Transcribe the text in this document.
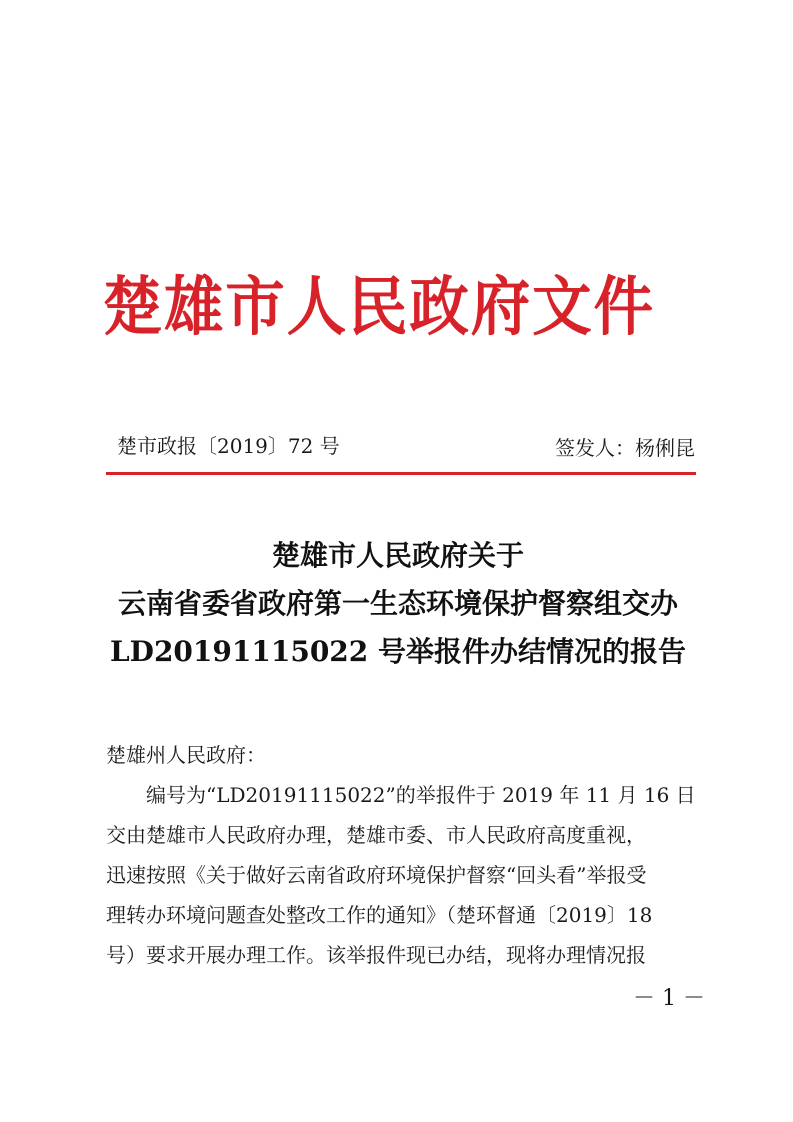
楚雄市人民政府文件
楚市政报〔2019〕72 号	签发人： 杨俐昆
楚雄市人民政府关于
云南省委省政府第一生态环境保护督察组交办
LD20191115022 号举报件办结情况的报告
楚雄州人民政府：
编号为“LD20191115022”的举报件于 2019 年 11 月 16 日
交由楚雄市人民政府办理，楚雄市委、市人民政府高度重视，
迅速按照《关于做好云南省政府环境保护督察“回头看”举报受
理转办环境问题查处整改工作的通知》（楚环督通〔2019〕18
号）要求开展办理工作。该举报件现已办结，现将办理情况报
－ 1 －
